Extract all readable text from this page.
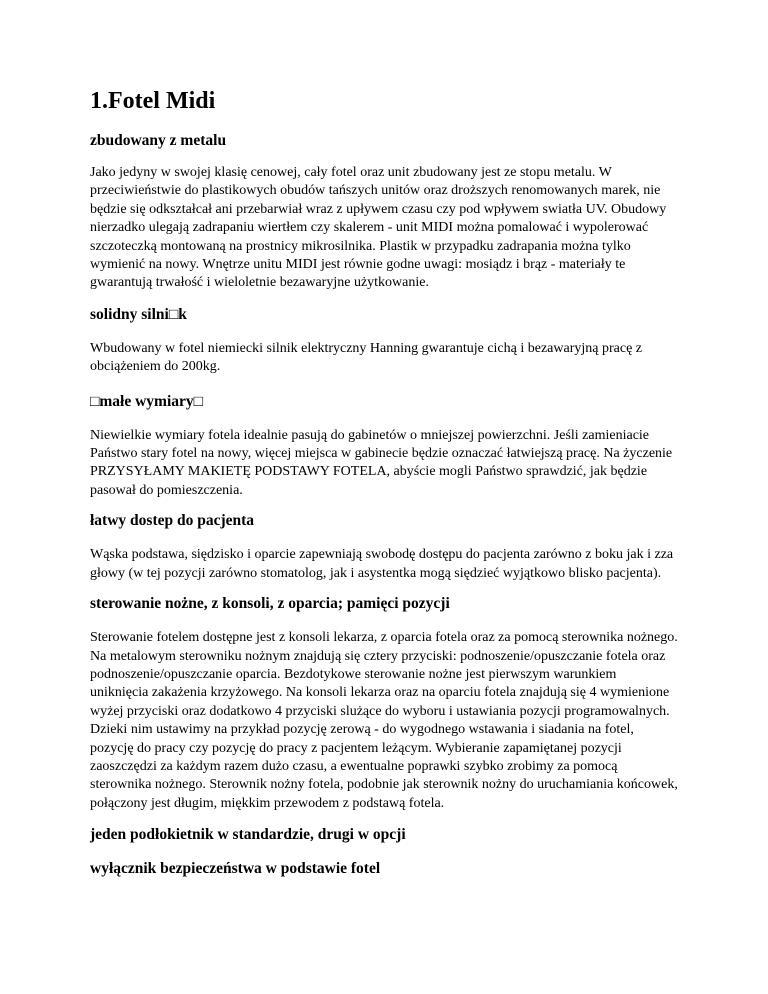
1.Fotel Midi
zbudowany z metalu

Jako jedyny w swojej klasię cenowej, cały fotel oraz unit zbudowany jest ze stopu metalu. W przeciwieństwie do plastikowych obudów tańszych unitów oraz droższych renomowanych marek, nie będzie się odkształcał ani przebarwiał wraz z upływem czasu czy pod wpływem swiatła UV. Obudowy nierzadko ulegają zadrapaniu wiertłem czy skalerem - unit MIDI można pomalować i wypolerować szczoteczką montowaną na prostnicy mikrosilnika. Plastik w przypadku zadrapania można tylko wymienić na nowy. Wnętrze unitu MIDI jest równie godne uwagi: mosiądz i brąz - materiały te gwarantują trwałość i wieloletnie bezawaryjne użytkowanie.

solidny silni□k

Wbudowany w fotel niemiecki silnik elektryczny Hanning gwarantuje cichą i bezawaryjną pracę z obciążeniem do 200kg.

□małe wymiary□

Niewielkie wymiary fotela idealnie pasują do gabinetów o mniejszej powierzchni. Jeśli zamieniacie Państwo stary fotel na nowy, więcej miejsca w gabinecie będzie oznaczać łatwiejszą pracę. Na życzenie PRZYSYŁAMY MAKIETĘ PODSTAWY FOTELA, abyście mogli Państwo sprawdzić, jak będzie pasował do pomieszczenia.

łatwy dostep do pacjenta

Wąska podstawa, siędzisko i oparcie zapewniają swobodę dostępu do pacjenta zarówno z boku jak i zza głowy (w tej pozycji zarówno stomatolog, jak i asystentka mogą siędzieć wyjątkowo blisko pacjenta).

sterowanie nożne, z konsoli, z oparcia; pamięci pozycji

Sterowanie fotelem dostępne jest z konsoli lekarza, z oparcia fotela oraz za pomocą sterownika nożnego. Na metalowym sterowniku nożnym znajdują się cztery przyciski: podnoszenie/opuszczanie fotela oraz podnoszenie/opuszczanie oparcia. Bezdotykowe sterowanie nożne jest pierwszym warunkiem uniknięcia zakażenia krzyżowego. Na konsoli lekarza oraz na oparciu fotela znajdują się 4 wymienione wyżej przyciski oraz dodatkowo 4 przyciski slużące do wyboru i ustawiania pozycji programowalnych. Dzieki nim ustawimy na przykład pozycję zerową - do wygodnego wstawania i siadania na fotel, pozycję do pracy czy pozycję do pracy z pacjentem leżącym. Wybieranie zapamiętanej pozycji zaoszczędzi za każdym razem dużo czasu, a ewentualne poprawki szybko zrobimy za pomocą sterownika nożnego. Sterownik nożny fotela, podobnie jak sterownik nożny do uruchamiania końcowek, połączony jest długim, miękkim przewodem z podstawą fotela.

jeden podłokietnik w standardzie, drugi w opcji
wyłącznik bezpieczeństwa w podstawie fotel
